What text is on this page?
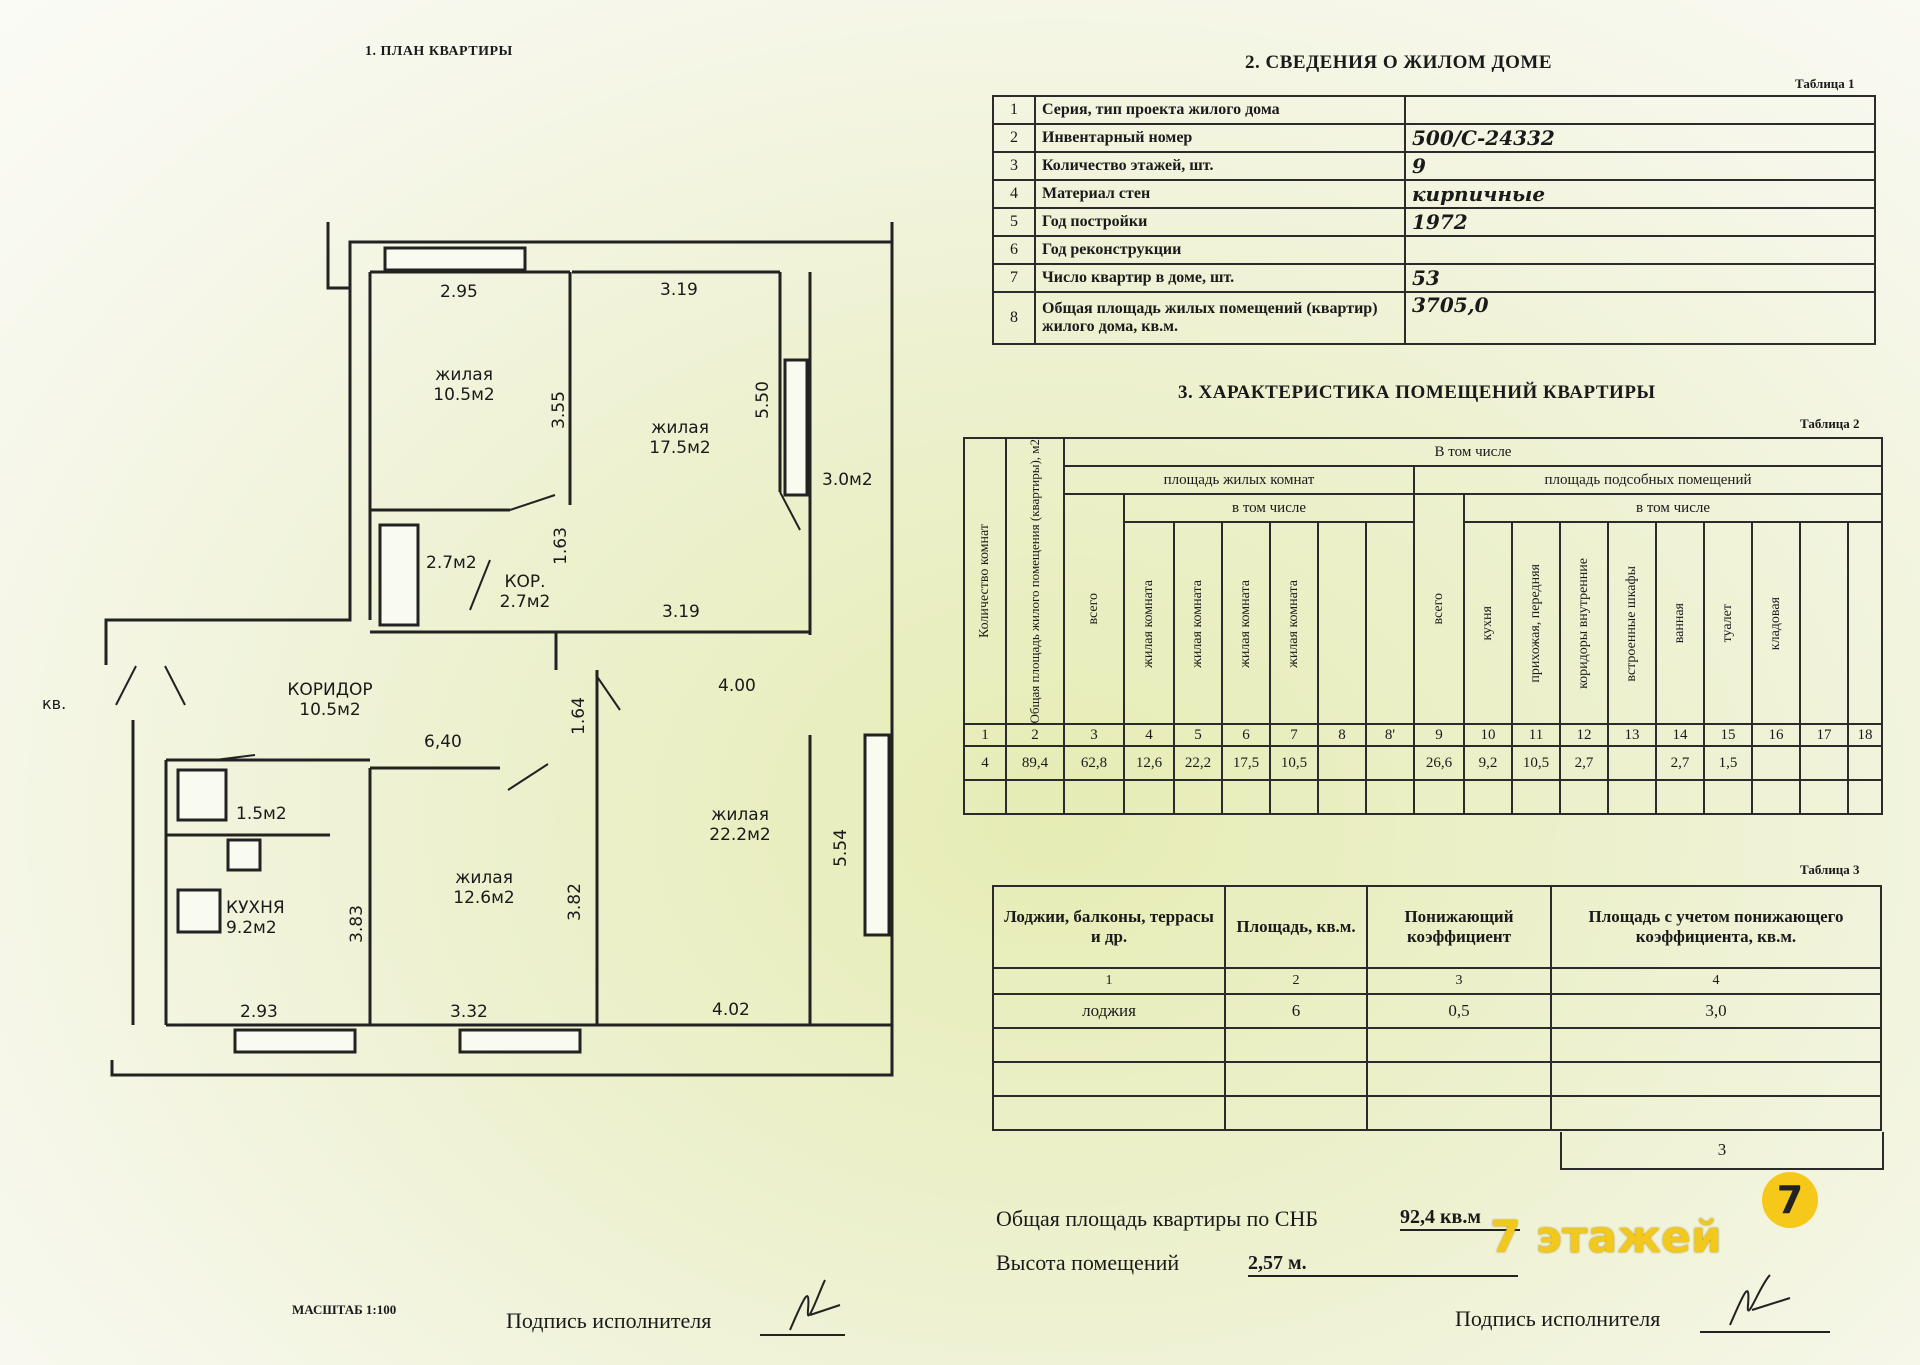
1. ПЛАН КВАРТИРЫ
жилая
10.5м2
жилая
17.5м2
жилая
22.2м2
жилая
12.6м2
КУХНЯ
9.2м2
КОРИДОР
10.5м2
КОР.
2.7м2
2.7м2
1.5м2
3.0м2
кв.
2.95	3.19
3.55	5.50
1.63
3.19
4.00
1.64
6,40
5.54
3.82
3.83
2.93	3.32	4.02
МАСШТАБ 1:100	Подпись исполнителя
2. СВЕДЕНИЯ О ЖИЛОМ ДОМЕ
Таблица 1
1	Серия, тип проекта жилого дома	
2	Инвентарный номер	500/С-24332
3	Количество этажей, шт.	9
4	Материал стен	кирпичные
5	Год постройки	1972
6	Год реконструкции	
7	Число квартир в доме, шт.	53
8	Общая площадь жилых помещений (квартир) жилого дома, кв.м.	3705,0
3. ХАРАКТЕРИСТИКА ПОМЕЩЕНИЙ КВАРТИРЫ
Таблица 2
Количество комнат	Общая площадь жилого помещения (квартиры), м2	В том числе																
		площадь жилых комнат							площадь подсобных помещений									

		всего	в том числе						всего	в том числе								

			жилая комната	жилая комната	жилая комната	жилая комната				кухня	прихожая, передняя	коридоры внутренние	встроенные шкафы	ванная	туалет	кладовая		

1	2	3	4	5	6	7	8	8'	9	10	11	12	13	14	15	16	17	18
4	89,4	62,8	12,6	22,2	17,5	10,5			26,6	9,2	10,5	2,7		2,7	1,5			

Таблица 3
Лоджии, балконы, террасы и др.	Площадь, кв.м.	Понижающий коэффициент	Площадь с учетом понижающего коэффициента, кв.м.
1	2	3	4
лоджия	6	0,5	3,0

3
Общая площадь квартиры по СНБ	92,4 кв.м
Высота помещений	2,57 м.
Подпись исполнителя
7 этажей
7
